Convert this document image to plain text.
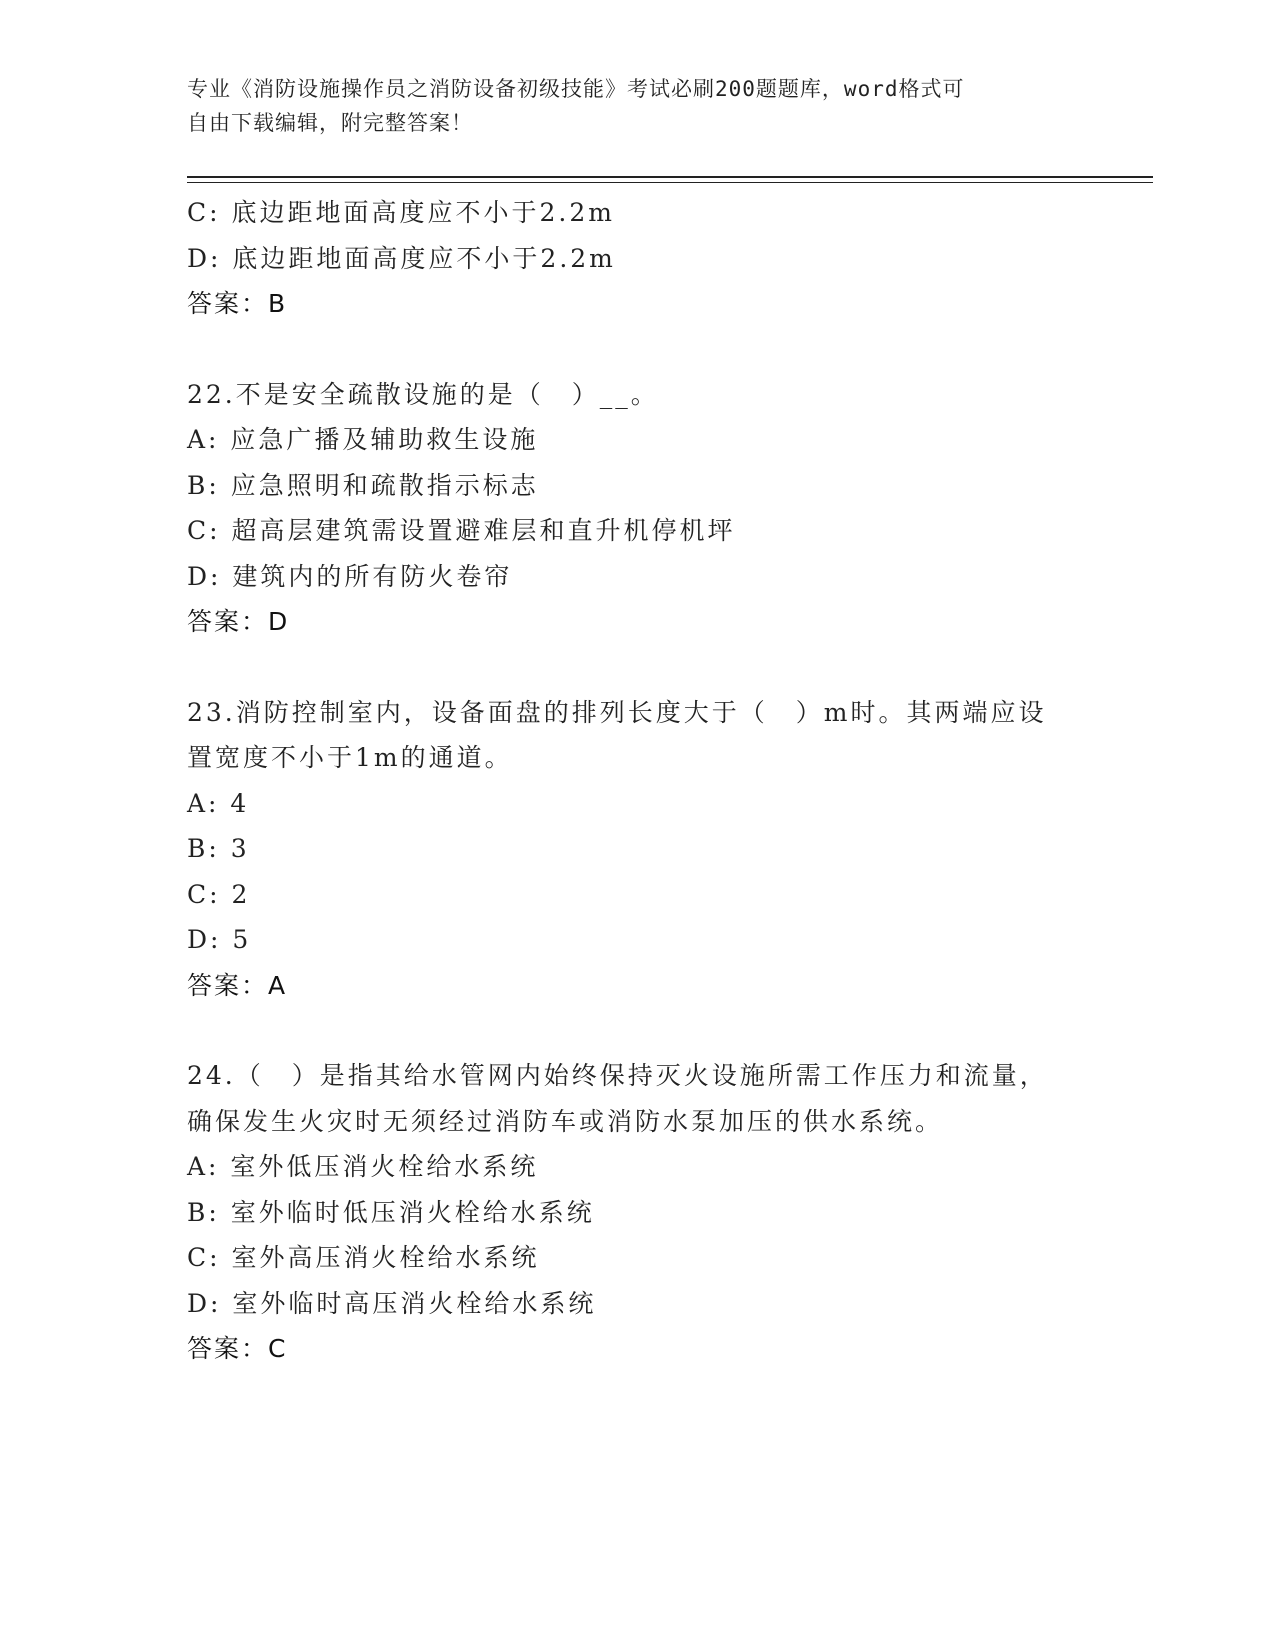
专业《消防设施操作员之消防设备初级技能》考试必刷200题题库，word格式可
自由下载编辑，附完整答案！
C: 底边距地面高度应不小于2.2m
D: 底边距地面高度应不小于2.2m
答案：B
22.不是安全疏散设施的是（　）__。
A: 应急广播及辅助救生设施
B: 应急照明和疏散指示标志
C: 超高层建筑需设置避难层和直升机停机坪
D: 建筑内的所有防火卷帘
答案：D
23.消防控制室内，设备面盘的排列长度大于（　）m时。其两端应设
置宽度不小于1m的通道。
A: 4
B: 3
C: 2
D: 5
答案：A
24.（　）是指其给水管网内始终保持灭火设施所需工作压力和流量，
确保发生火灾时无须经过消防车或消防水泵加压的供水系统。
A: 室外低压消火栓给水系统
B: 室外临时低压消火栓给水系统
C: 室外高压消火栓给水系统
D: 室外临时高压消火栓给水系统
答案：C
